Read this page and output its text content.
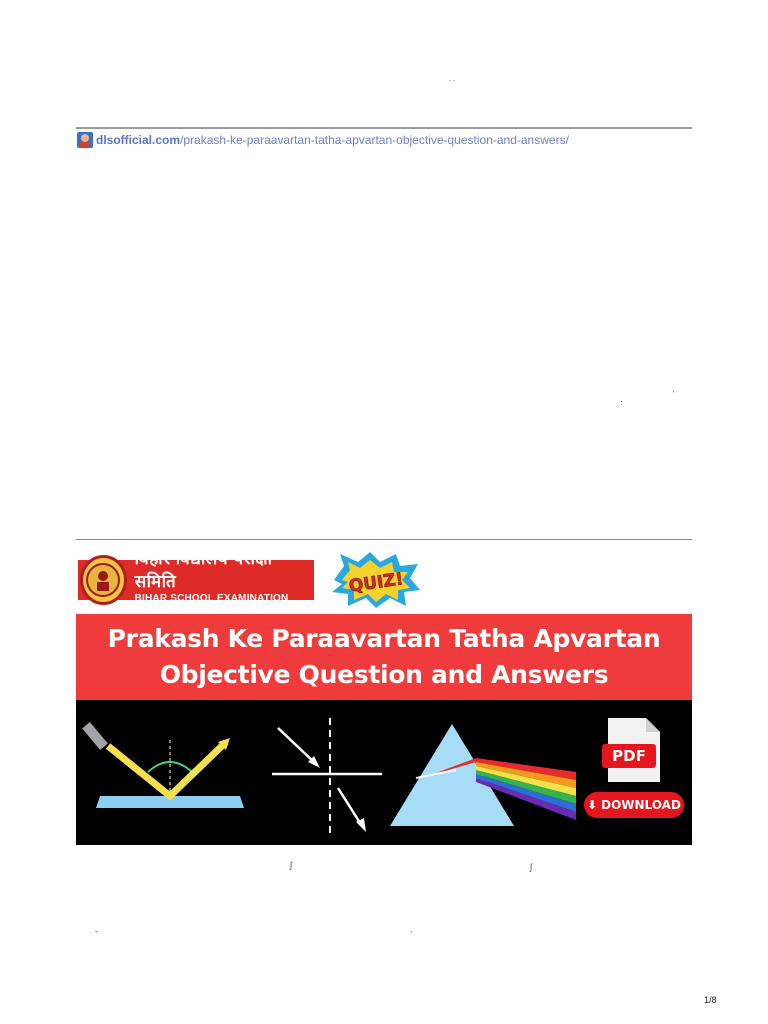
--
dlsofficial.com /prakash-ke-paraavartan-tatha-apvartan-objective-question-and-answers/
·
`
ʃ	ʃ
-	`
बिहार विद्यालय परीक्षा समिति
BIHAR SCHOOL EXAMINATION BOARD
QUIZ!
Prakash Ke Paraavartan Tatha Apvartan
Objective Question and Answers
PDF
⬇ DOWNLOAD
1/8
